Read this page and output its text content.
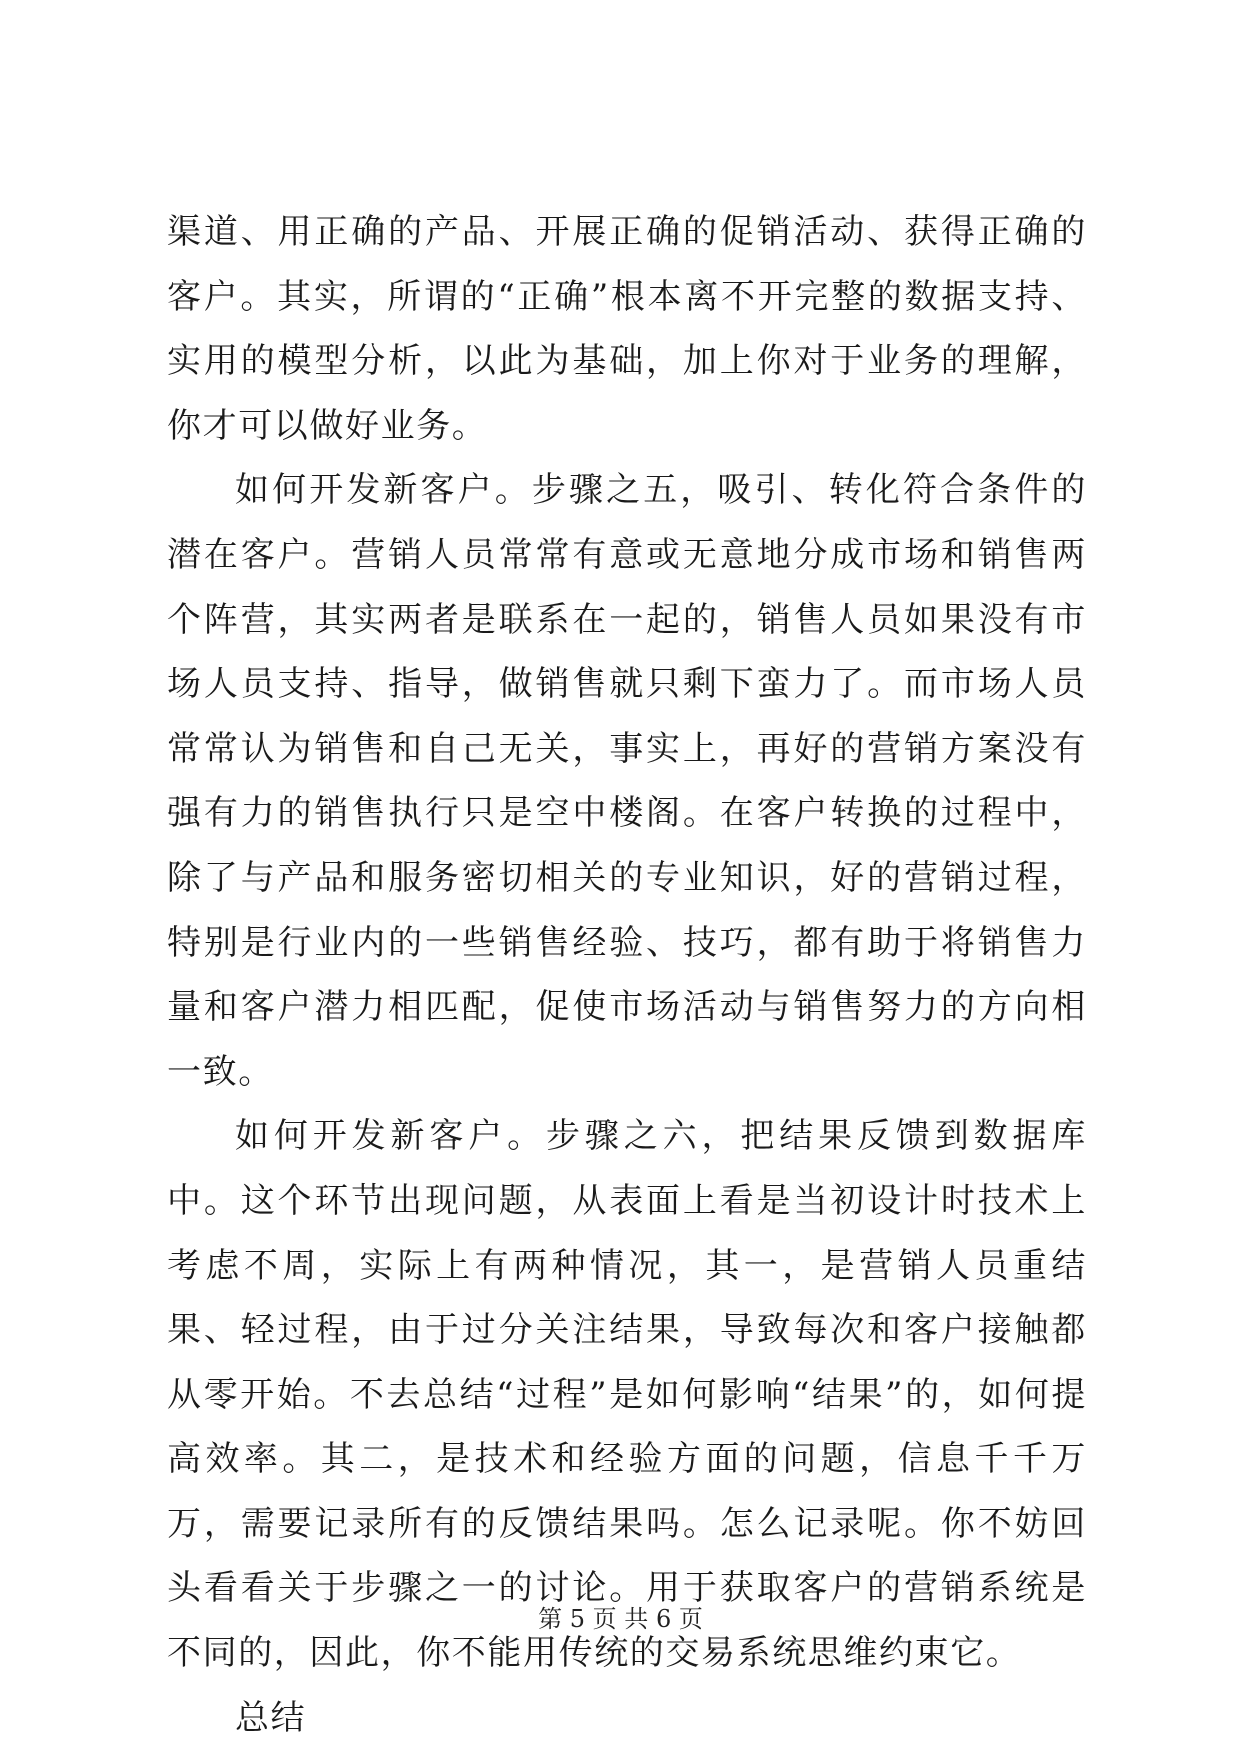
渠道、用正确的产品、开展正确的促销活动、获得正确的客户。其实，所谓的“正确”根本离不开完整的数据支持、实用的模型分析，以此为基础，加上你对于业务的理解，你才可以做好业务。

如何开发新客户。步骤之五，吸引、转化符合条件的潜在客户。营销人员常常有意或无意地分成市场和销售两个阵营，其实两者是联系在一起的，销售人员如果没有市场人员支持、指导，做销售就只剩下蛮力了。而市场人员常常认为销售和自己无关，事实上，再好的营销方案没有强有力的销售执行只是空中楼阁。在客户转换的过程中，除了与产品和服务密切相关的专业知识，好的营销过程，特别是行业内的一些销售经验、技巧，都有助于将销售力量和客户潜力相匹配，促使市场活动与销售努力的方向相一致。

如何开发新客户。步骤之六，把结果反馈到数据库中。这个环节出现问题，从表面上看是当初设计时技术上考虑不周，实际上有两种情况，其一，是营销人员重结果、轻过程，由于过分关注结果，导致每次和客户接触都从零开始。不去总结“过程”是如何影响“结果”的，如何提高效率。其二，是技术和经验方面的问题，信息千千万万，需要记录所有的反馈结果吗。怎么记录呢。你不妨回头看看关于步骤之一的讨论。用于获取客户的营销系统是不同的，因此，你不能用传统的交易系统思维约束它。

总结

第 5 页 共 6 页
